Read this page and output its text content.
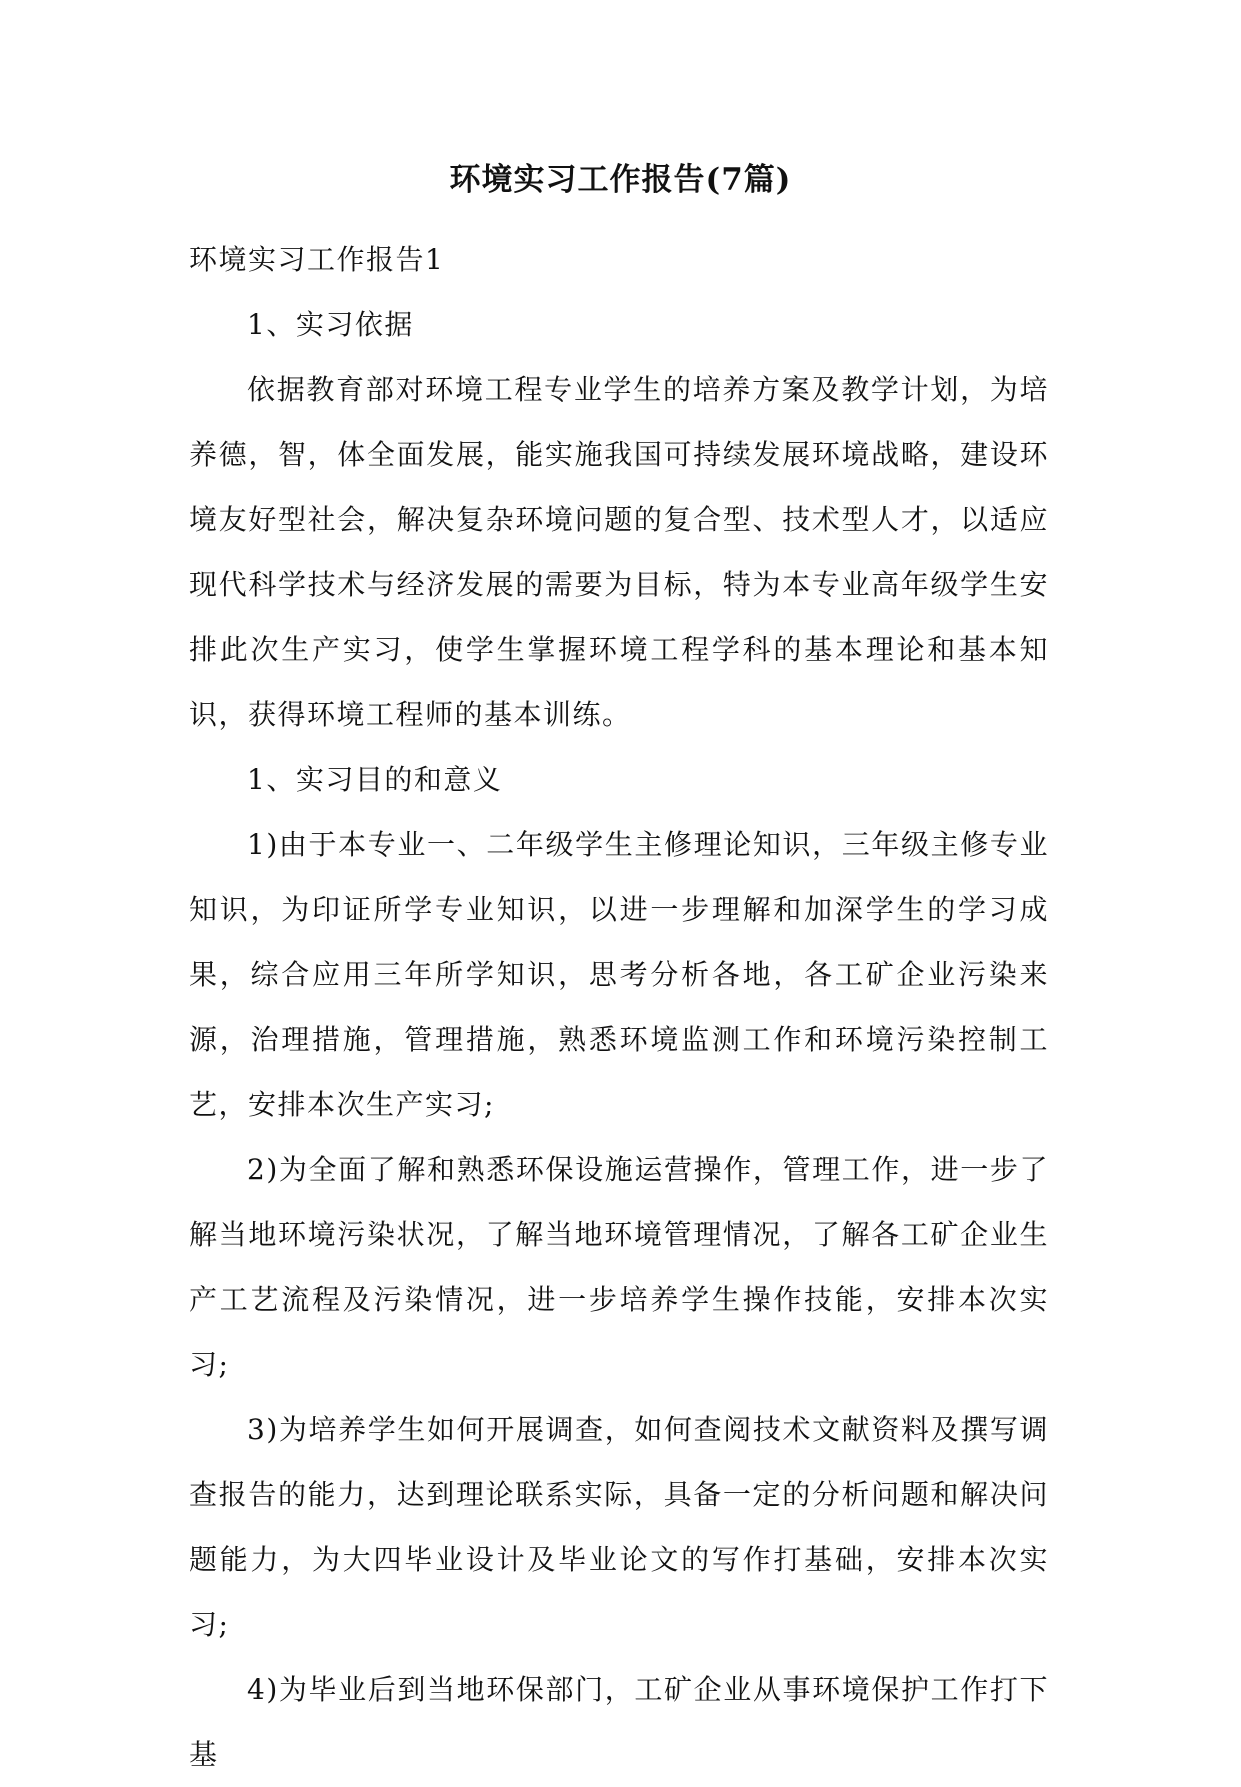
环境实习工作报告(7篇)

环境实习工作报告1

1、实习依据

依据教育部对环境工程专业学生的培养方案及教学计划，为培养德，智，体全面发展，能实施我国可持续发展环境战略，建设环境友好型社会，解决复杂环境问题的复合型、技术型人才，以适应现代科学技术与经济发展的需要为目标，特为本专业高年级学生安排此次生产实习，使学生掌握环境工程学科的基本理论和基本知识，获得环境工程师的基本训练。

1、实习目的和意义

1)由于本专业一、二年级学生主修理论知识，三年级主修专业知识，为印证所学专业知识，以进一步理解和加深学生的学习成果，综合应用三年所学知识，思考分析各地，各工矿企业污染来源，治理措施，管理措施，熟悉环境监测工作和环境污染控制工艺，安排本次生产实习;

2)为全面了解和熟悉环保设施运营操作，管理工作，进一步了解当地环境污染状况，了解当地环境管理情况，了解各工矿企业生产工艺流程及污染情况，进一步培养学生操作技能，安排本次实习;

3)为培养学生如何开展调查，如何查阅技术文献资料及撰写调查报告的能力，达到理论联系实际，具备一定的分析问题和解决问题能力，为大四毕业设计及毕业论文的写作打基础，安排本次实习;

4)为毕业后到当地环保部门，工矿企业从事环境保护工作打下基
